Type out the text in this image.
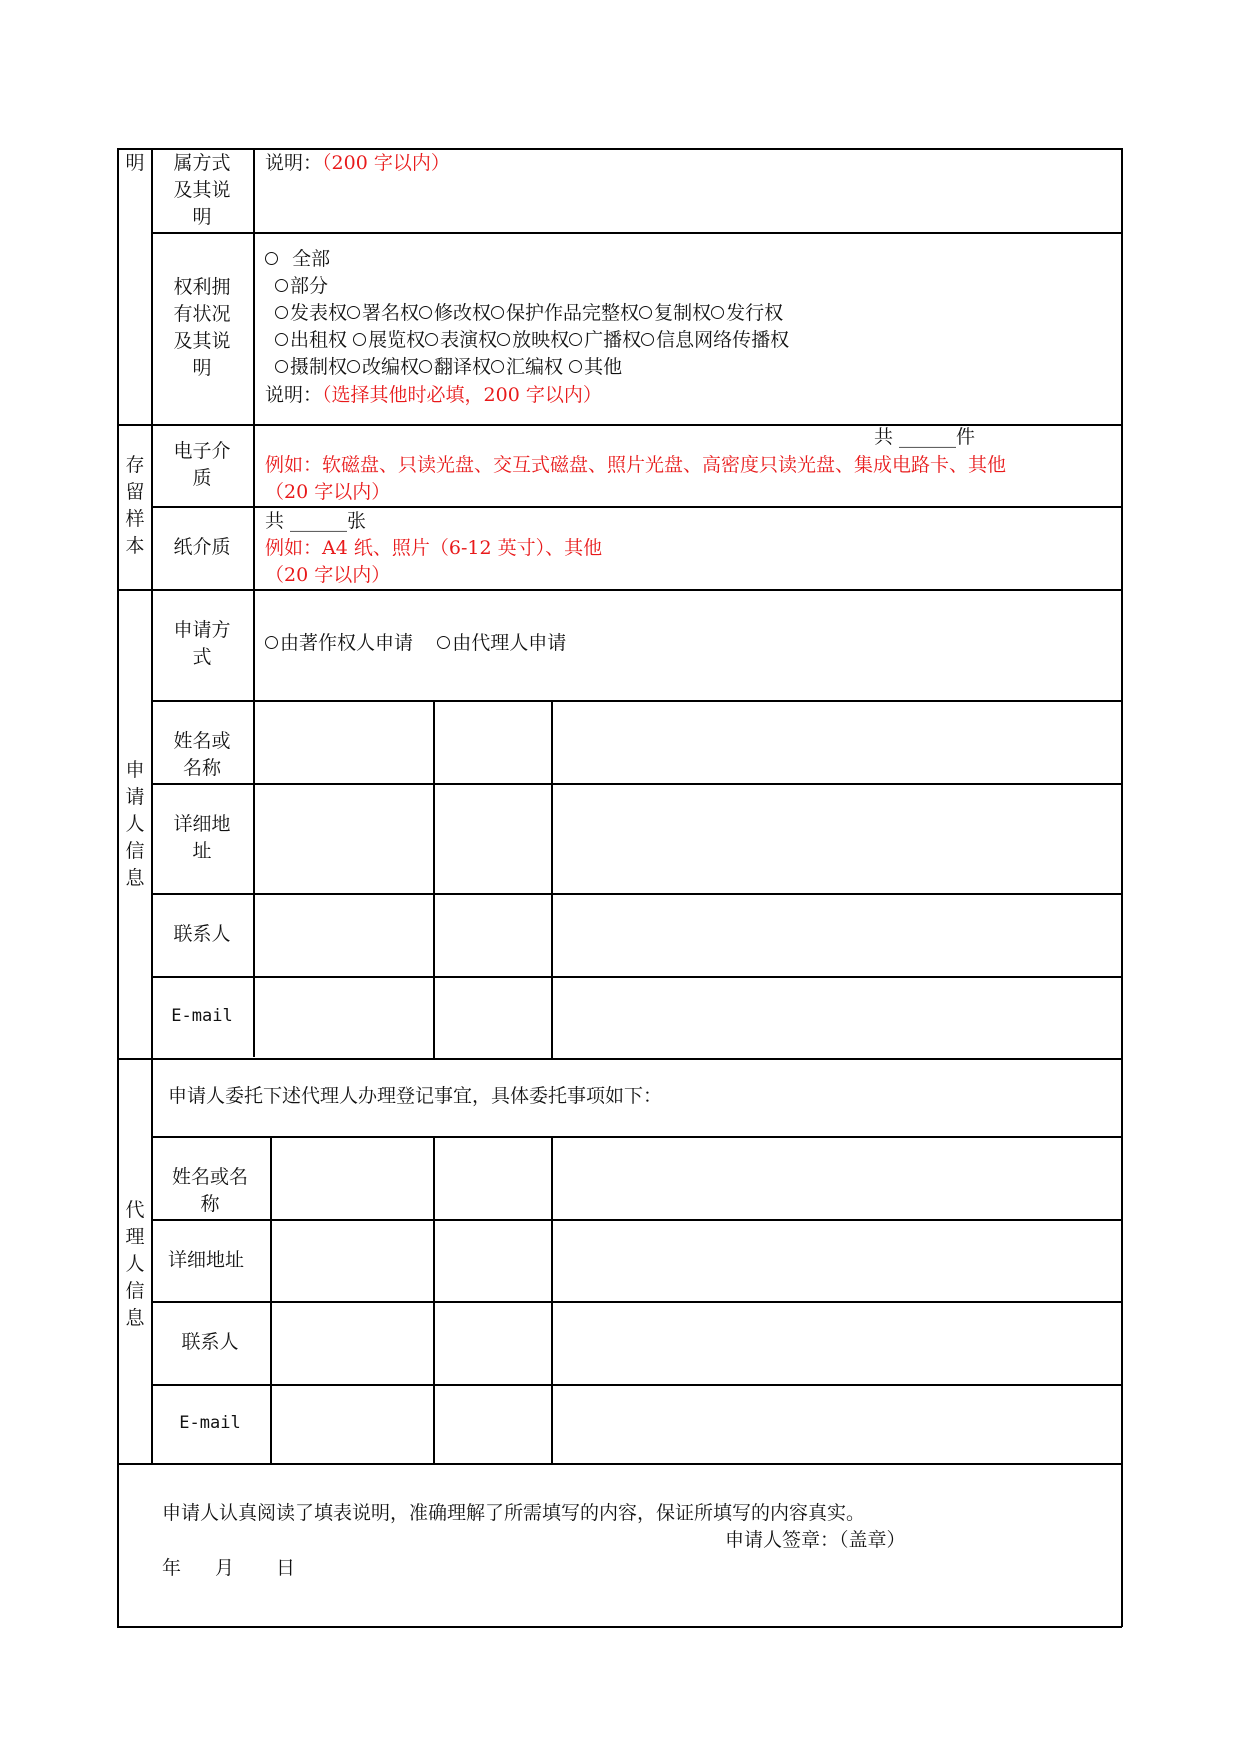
明
存留样本
申请人信息
代理人信息
属方式及其说明
说明：（200 字以内）
权利拥有状况及其说明
全部
部分
发表权 署名权 修改权 保护作品完整权 复制权 发行权
出租权 展览权 表演权 放映权 广播权 信息网络传播权
摄制权 改编权 翻译权 汇编权 其他
说明：（选择其他时必填，200 字以内）
电子介质
共 ______件
例如：软磁盘、只读光盘、交互式磁盘、照片光盘、高密度只读光盘、集成电路卡、其他
（20 字以内）
纸介质
共 ______张
例如：A4 纸、照片（6-12 英寸）、其他
（20 字以内）
申请方式
由著作权人申请 由代理人申请
姓名或名称
详细地址
联系人
E-mail
申请人委托下述代理人办理登记事宜，具体委托事项如下：
姓名或名称
详细地址
联系人
E-mail
申请人认真阅读了填表说明，准确理解了所需填写的内容，保证所填写的内容真实。
申请人签章：（盖章）
年 月 日
